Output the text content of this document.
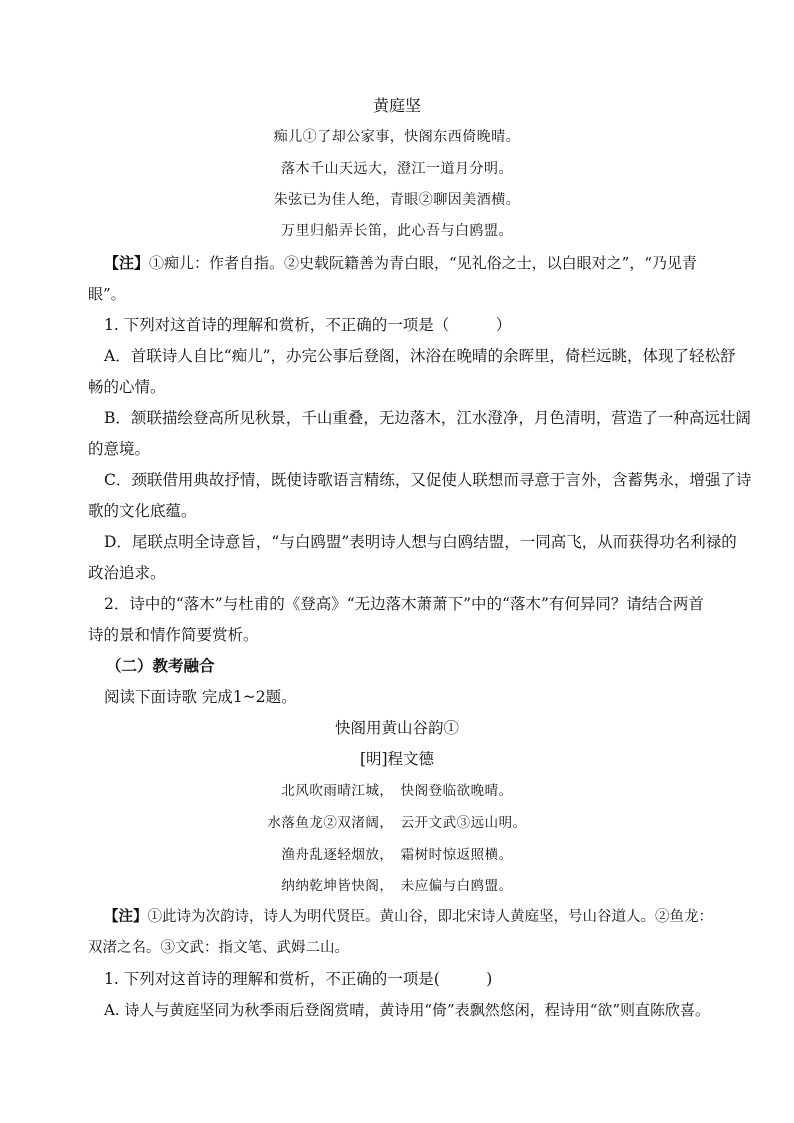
黄庭坚
痴儿①了却公家事，快阁东西倚晚晴。
落木千山天远大，澄江一道月分明。
朱弦已为佳人绝，青眼②聊因美酒横。
万里归船弄长笛，此心吾与白鸥盟。
【注】①痴儿：作者自指。②史载阮籍善为青白眼，“见礼俗之士，以白眼对之”，“乃见青
眼”。
1. 下列对这首诗的理解和赏析，不正确的一项是（　　　）
A．首联诗人自比“痴儿”，办完公事后登阁，沐浴在晚晴的余晖里，倚栏远眺，体现了轻松舒
畅的心情。
B．颔联描绘登高所见秋景，千山重叠，无边落木，江水澄净，月色清明，营造了一种高远壮阔
的意境。
C．颈联借用典故抒情，既使诗歌语言精练，又促使人联想而寻意于言外，含蓄隽永，增强了诗
歌的文化底蕴。
D．尾联点明全诗意旨，“与白鸥盟”表明诗人想与白鸥结盟，一同高飞，从而获得功名利禄的
政治追求。
2．诗中的“落木”与杜甫的《登高》“无边落木萧萧下”中的“落木”有何异同？请结合两首
诗的景和情作简要赏析。
（二）教考融合
阅读下面诗歌 完成1~2题。
快阁用黄山谷韵①
[明]程文德
北风吹雨晴江城，　快阁登临欲晚晴。
水落鱼龙②双渚阔，　云开文武③远山明。
渔舟乱逐轻烟放，　霜树时惊返照横。
纳纳乾坤皆快阁，　未应偏与白鸥盟。
【注】①此诗为次韵诗，诗人为明代贤臣。黄山谷，即北宋诗人黄庭坚，号山谷道人。②鱼龙：
双渚之名。③文武：指文笔、武姆二山。
1. 下列对这首诗的理解和赏析，不正确的一项是(　　　)
A. 诗人与黄庭坚同为秋季雨后登阁赏晴，黄诗用“倚”表飘然悠闲，程诗用“欲”则直陈欣喜。
